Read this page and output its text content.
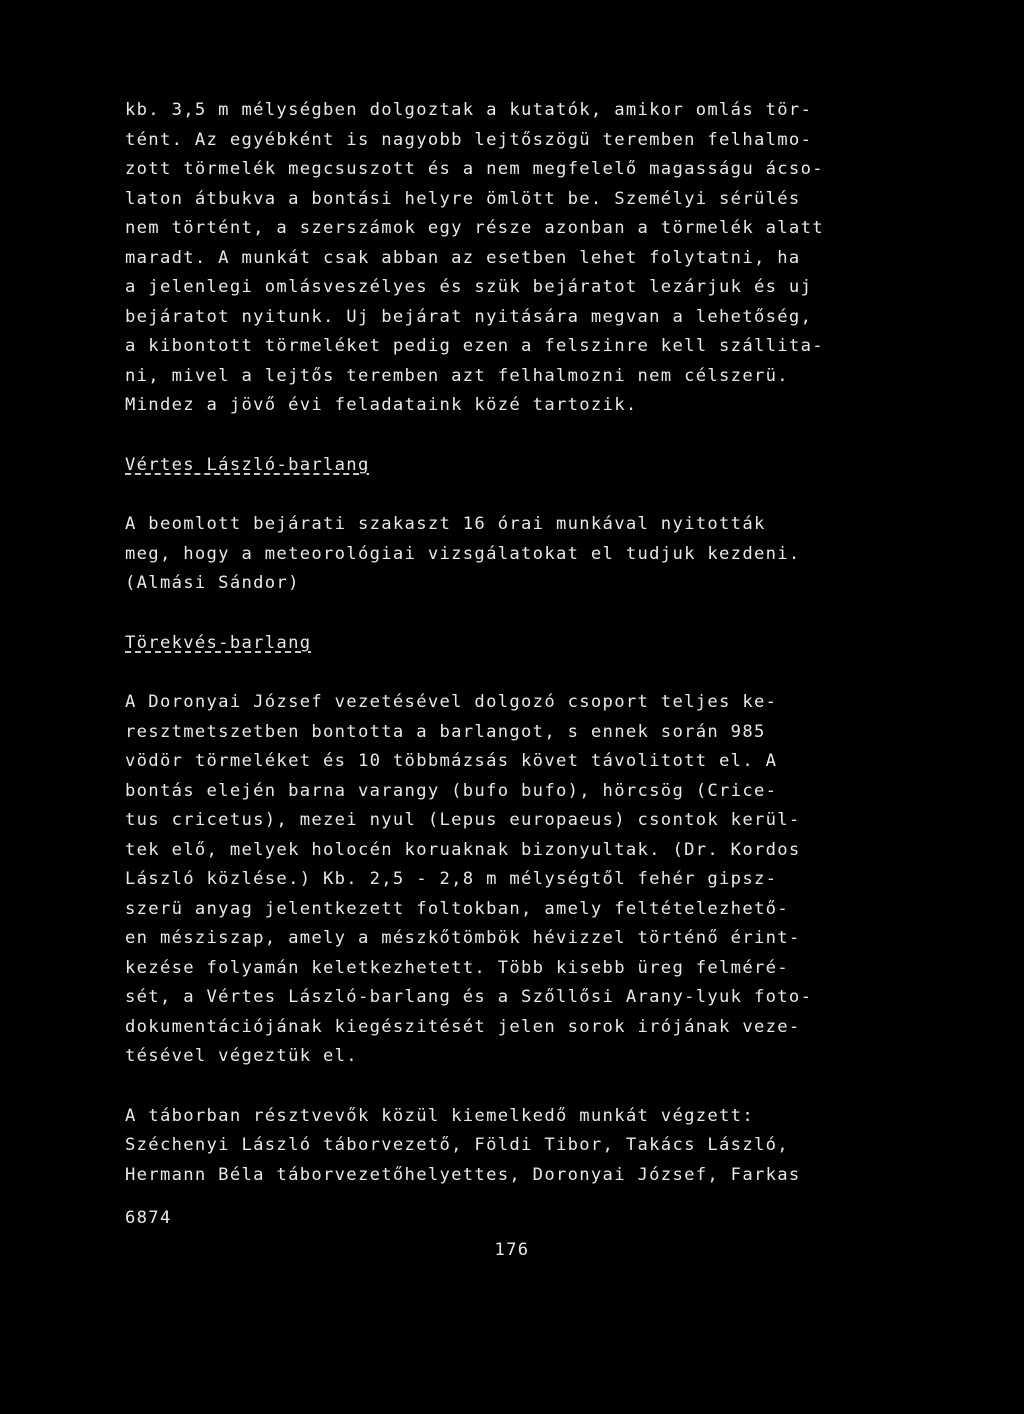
kb. 3,5 m mélységben dolgoztak a kutatók, amikor omlás tör-

tént. Az egyébként is nagyobb lejtőszögü teremben felhalmo-

zott törmelék megcsuszott és a nem megfelelő magasságu ácso-

laton átbukva a bontási helyre ömlött be. Személyi sérülés

nem történt, a szerszámok egy része azonban a törmelék alatt

maradt. A munkát csak abban az esetben lehet folytatni, ha

a jelenlegi omlásveszélyes és szük bejáratot lezárjuk és uj

bejáratot nyitunk. Uj bejárat nyitására megvan a lehetőség,

a kibontott törmeléket pedig ezen a felszinre kell szállita-

ni, mivel a lejtős teremben azt felhalmozni nem célszerü.

Mindez a jövő évi feladataink közé tartozik.

Vértes László-barlang

A beomlott bejárati szakaszt 16 órai munkával nyitották

meg, hogy a meteorológiai vizsgálatokat el tudjuk kezdeni.

(Almási Sándor)

Törekvés-barlang

A Doronyai József vezetésével dolgozó csoport teljes ke-

resztmetszetben bontotta a barlangot, s ennek során 985

vödör törmeléket és 10 többmázsás követ távolitott el. A

bontás elején barna varangy (bufo bufo), hörcsög (Crice-

tus cricetus), mezei nyul (Lepus europaeus) csontok kerül-

tek elő, melyek holocén koruaknak bizonyultak. (Dr. Kordos

László közlése.) Kb. 2,5 - 2,8 m mélységtől fehér gipsz-

szerü anyag jelentkezett foltokban, amely feltételezhető-

en mésziszap, amely a mészkőtömbök hévizzel történő érint-

kezése folyamán keletkezhetett. Több kisebb üreg felméré-

sét, a Vértes László-barlang és a Szőllősi Arany-lyuk foto-

dokumentációjának kiegészitését jelen sorok irójának veze-

tésével végeztük el.

A táborban résztvevők közül kiemelkedő munkát végzett:

Széchenyi László táborvezető, Földi Tibor, Takács László,

Hermann Béla táborvezetőhelyettes, Doronyai József, Farkas

6874

176
